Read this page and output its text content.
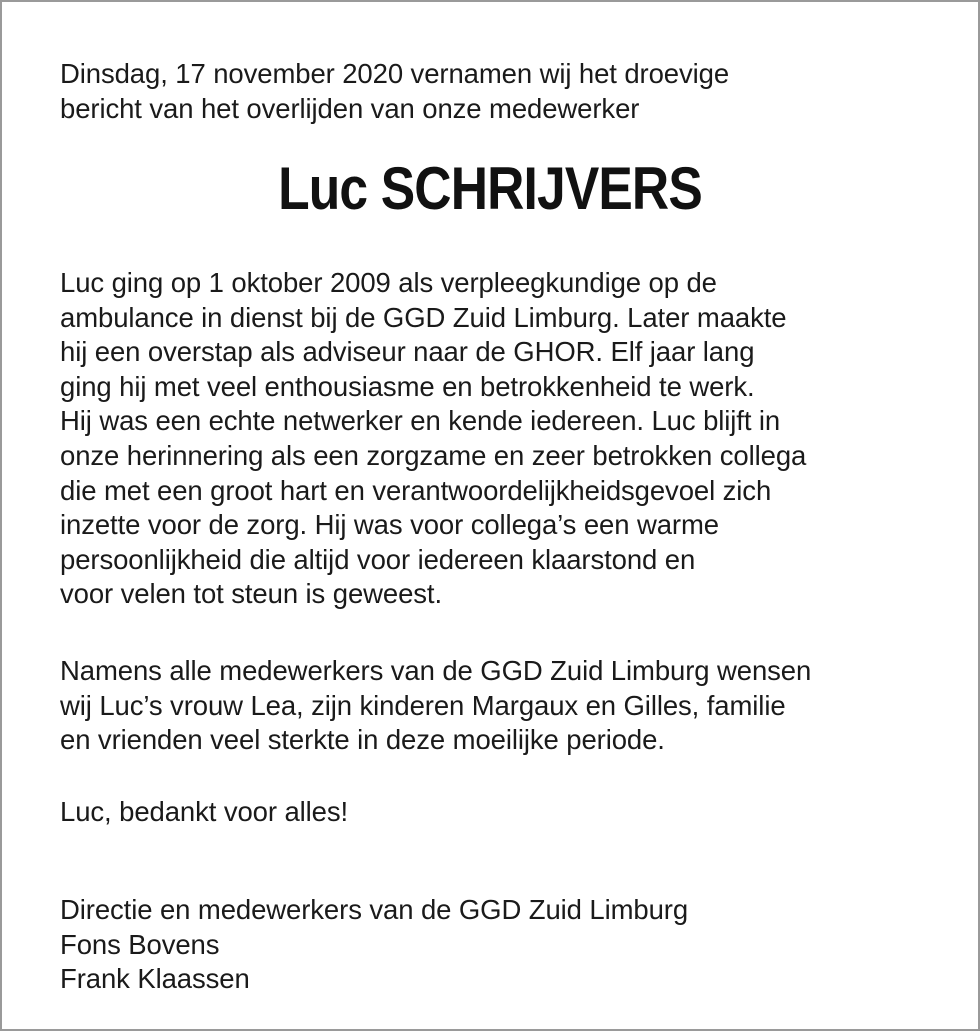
Dinsdag, 17 november 2020 vernamen wij het droevige
bericht van het overlijden van onze medewerker
Luc SCHRIJVERS
Luc ging op 1 oktober 2009 als verpleegkundige op de
ambulance in dienst bij de GGD Zuid Limburg. Later maakte
hij een overstap als adviseur naar de GHOR. Elf jaar lang
ging hij met veel enthousiasme en betrokkenheid te werk.
Hij was een echte netwerker en kende iedereen. Luc blijft in
onze herinnering als een zorgzame en zeer betrokken collega
die met een groot hart en verantwoordelijkheidsgevoel zich
inzette voor de zorg. Hij was voor collega’s een warme
persoonlijkheid die altijd voor iedereen klaarstond en
voor velen tot steun is geweest.
Namens alle medewerkers van de GGD Zuid Limburg wensen
wij Luc’s vrouw Lea, zijn kinderen Margaux en Gilles, familie
en vrienden veel sterkte in deze moeilijke periode.
Luc, bedankt voor alles!
Directie en medewerkers van de GGD Zuid Limburg
Fons Bovens
Frank Klaassen
